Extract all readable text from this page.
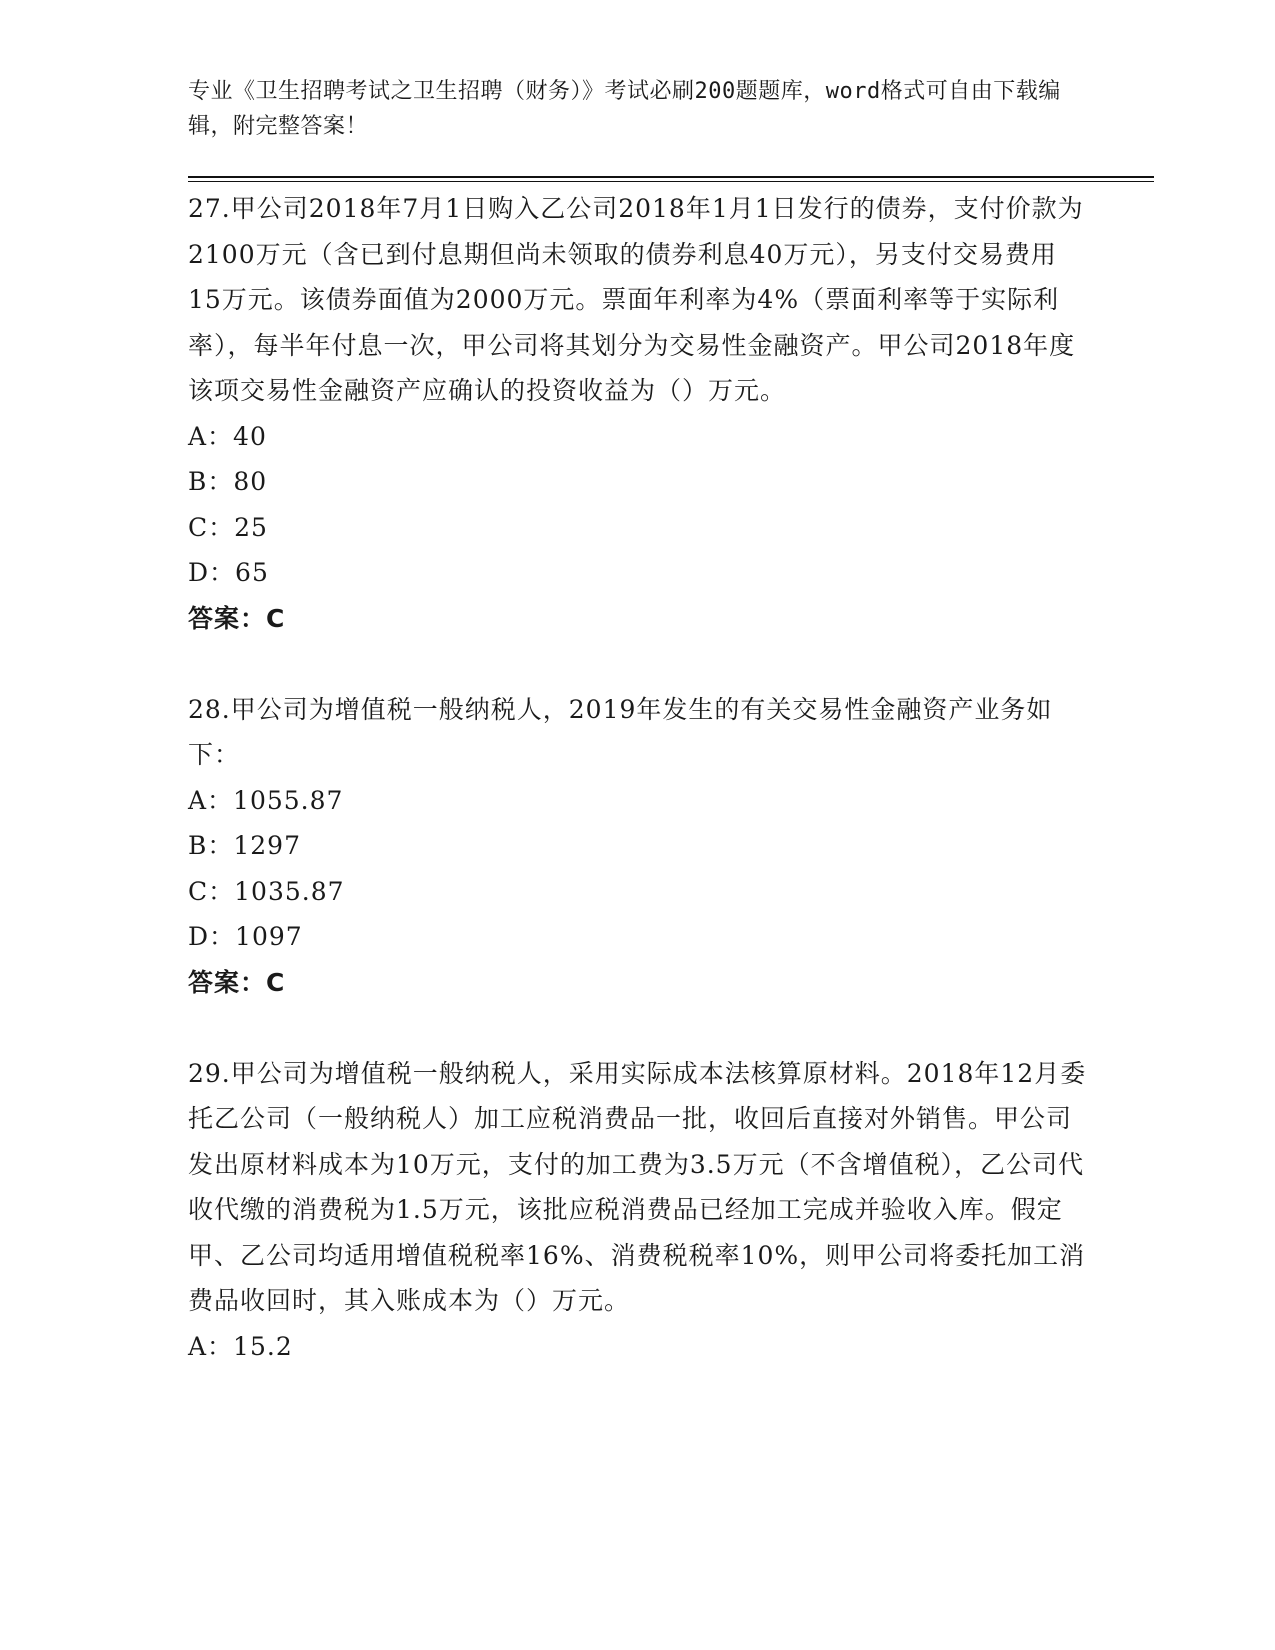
专业《卫生招聘考试之卫生招聘（财务）》考试必刷200题题库，word格式可自由下载编辑，附完整答案！

27.甲公司2018年7月1日购入乙公司2018年1月1日发行的债券，支付价款为2100万元（含已到付息期但尚未领取的债券利息40万元），另支付交易费用15万元。该债券面值为2000万元。票面年利率为4%（票面利率等于实际利率），每半年付息一次，甲公司将其划分为交易性金融资产。甲公司2018年度该项交易性金融资产应确认的投资收益为（）万元。

A：40

B：80

C：25

D：65

答案：C

28.甲公司为增值税一般纳税人，2019年发生的有关交易性金融资产业务如下：

A：1055.87

B：1297

C：1035.87

D：1097

答案：C

29.甲公司为增值税一般纳税人，采用实际成本法核算原材料。2018年12月委托乙公司（一般纳税人）加工应税消费品一批，收回后直接对外销售。甲公司发出原材料成本为10万元，支付的加工费为3.5万元（不含增值税），乙公司代收代缴的消费税为1.5万元，该批应税消费品已经加工完成并验收入库。假定甲、乙公司均适用增值税税率16%、消费税税率10%，则甲公司将委托加工消费品收回时，其入账成本为（）万元。

A：15.2
